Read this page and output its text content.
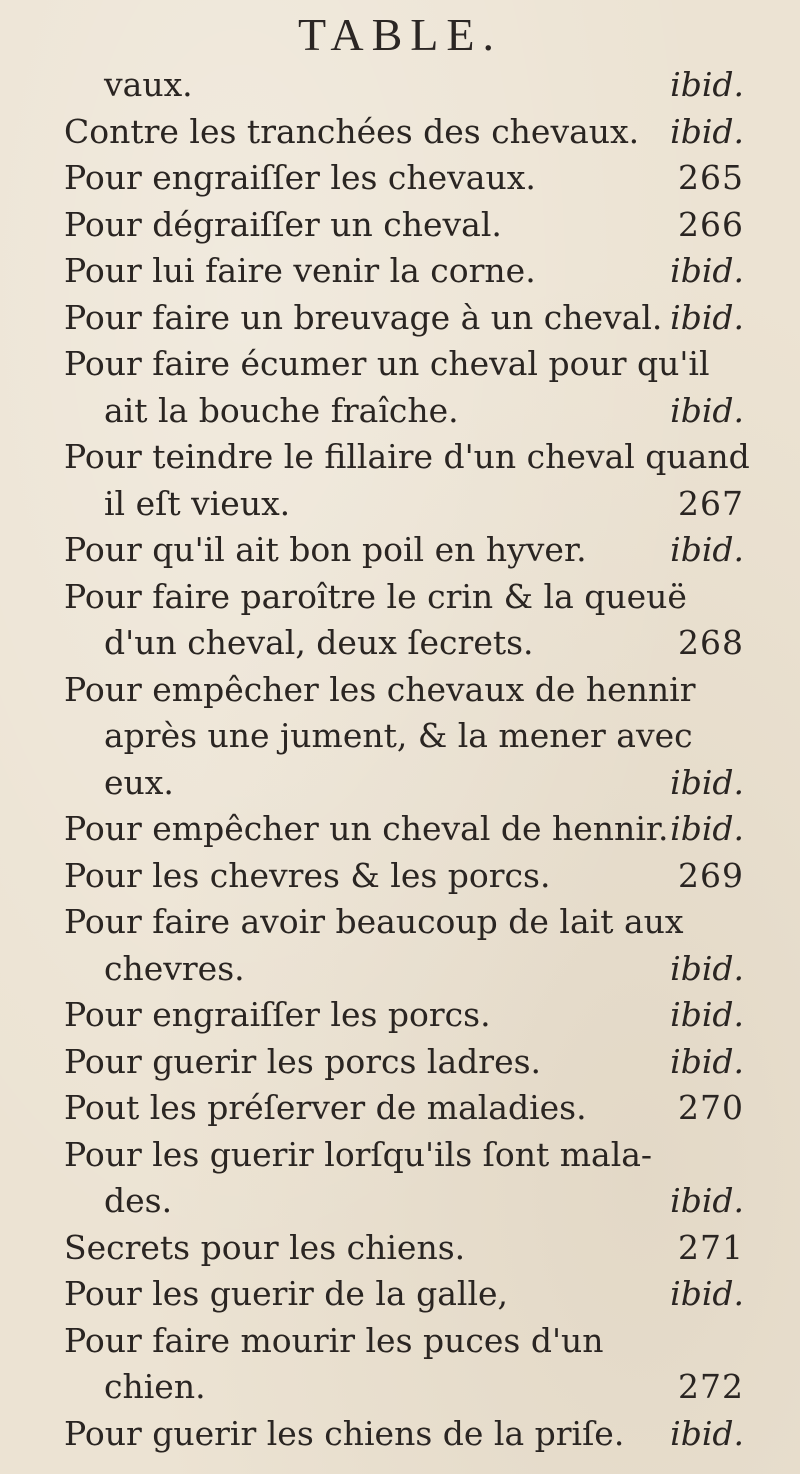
TABLE.
vaux.	ibid.
Contre les tranchées des chevaux. ibid.
Pour engraiſſer les chevaux.	265
Pour dégraiſſer un cheval.	266
Pour lui faire venir la corne.	ibid.
Pour faire un breuvage à un cheval. ibid.
Pour faire écumer un cheval pour qu'il
ait la bouche fraîche.	ibid.
Pour teindre le fillaire d'un cheval quand
il eſt vieux.	267
Pour qu'il ait bon poil en hyver.	ibid.
Pour faire paroître le crin & la queuë
d'un cheval, deux ſecrets.	268
Pour empêcher les chevaux de hennir
après une jument, & la mener avec
eux.	ibid.
Pour empêcher un cheval de hennir. ibid.
Pour les chevres & les porcs.	269
Pour faire avoir beaucoup de lait aux
chevres.	ibid.
Pour engraiſſer les porcs.	ibid.
Pour guerir les porcs ladres.	ibid.
Pout les préſerver de maladies.	270
Pour les guerir lorſqu'ils ſont mala-
des.	ibid.
Secrets pour les chiens.	271
Pour les guerir de la galle,	ibid.
Pour faire mourir les puces d'un
chien.	272
Pour guerir les chiens de la priſe. ibid.
